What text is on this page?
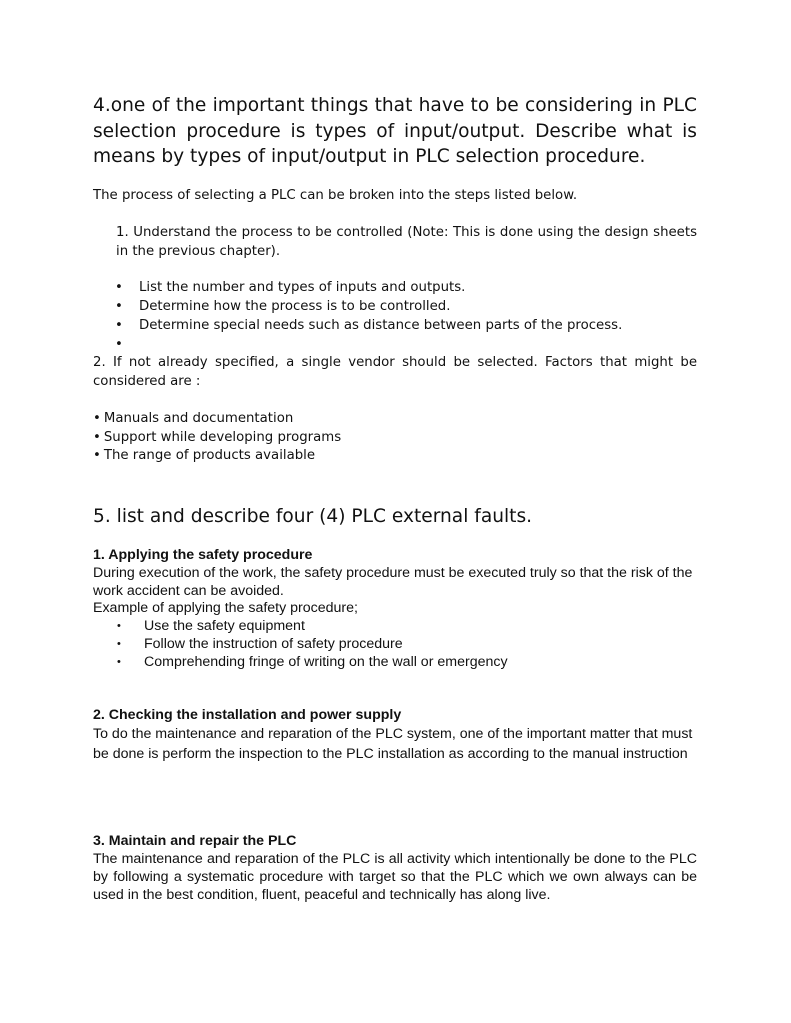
4.one of the important things that have to be considering in PLC selection procedure is types of input/output. Describe what is means by types of input/output in PLC selection procedure.

The process of selecting a PLC can be broken into the steps listed below.

1. Understand the process to be controlled (Note: This is done using the design sheets    in the previous chapter).

• List the number and types of inputs and outputs.
• Determine how the process is to be controlled.
• Determine special needs such as distance between parts of the process.
•

2. If not already specified, a single vendor should be selected. Factors that might be considered are :

• Manuals and documentation
• Support while developing programs
• The range of products available

5. list and describe four (4) PLC external faults.

1. Applying the safety procedure

During execution of the work, the safety procedure must be executed truly so that the risk of the work accident can be avoided.

Example of applying the safety procedure;

• Use the safety equipment
• Follow the instruction of safety procedure
• Comprehending fringe of writing on the wall or emergency

2. Checking the installation and power supply

To do the maintenance and reparation of the PLC system, one of the important matter that must be done is perform the inspection to the PLC installation as according to the manual instruction

3. Maintain and repair the PLC

The maintenance and reparation of the PLC is all activity which intentionally be done to the PLC by following a systematic procedure with target so that the PLC which we own always can be used in the best condition, fluent, peaceful and technically has along live.
